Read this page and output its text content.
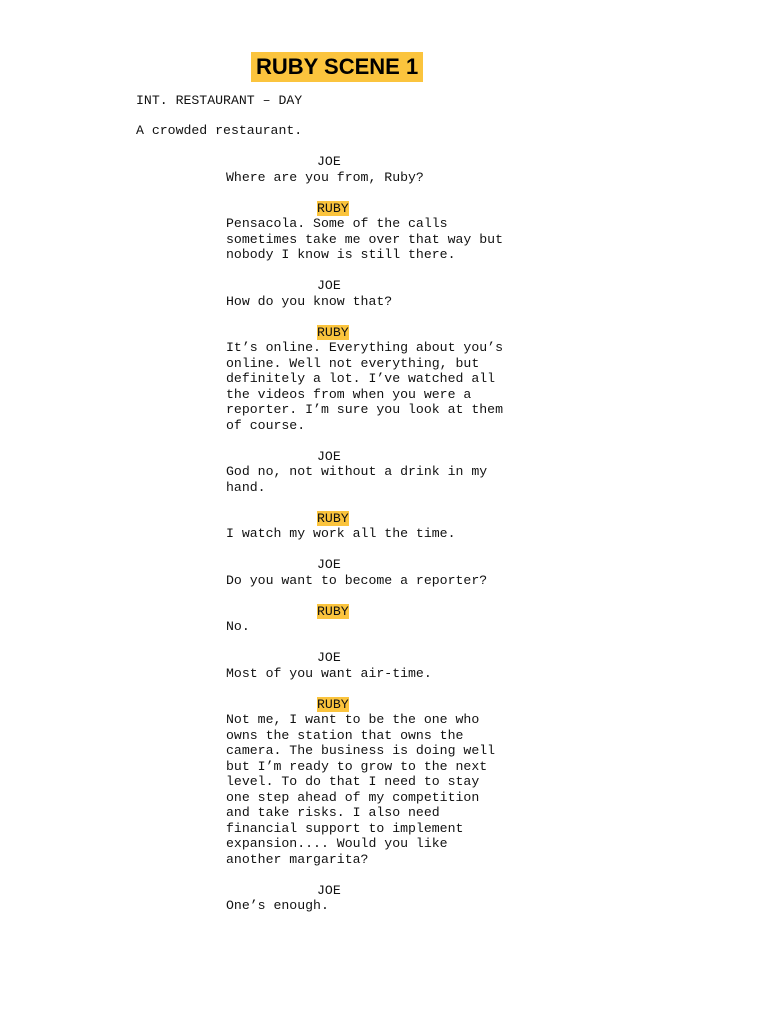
RUBY SCENE 1
INT. RESTAURANT – DAY
A crowded restaurant.
JOE
Where are you from, Ruby?
RUBY
Pensacola. Some of the calls
sometimes take me over that way but
nobody I know is still there.
JOE
How do you know that?
RUBY
It’s online. Everything about you’s
online. Well not everything, but
definitely a lot. I’ve watched all
the videos from when you were a
reporter. I’m sure you look at them
of course.
JOE
God no, not without a drink in my
hand.
RUBY
I watch my work all the time.
JOE
Do you want to become a reporter?
RUBY
No.
JOE
Most of you want air-time.
RUBY
Not me, I want to be the one who
owns the station that owns the
camera. The business is doing well
but I’m ready to grow to the next
level. To do that I need to stay
one step ahead of my competition
and take risks. I also need
financial support to implement
expansion.... Would you like
another margarita?
JOE
One’s enough.
